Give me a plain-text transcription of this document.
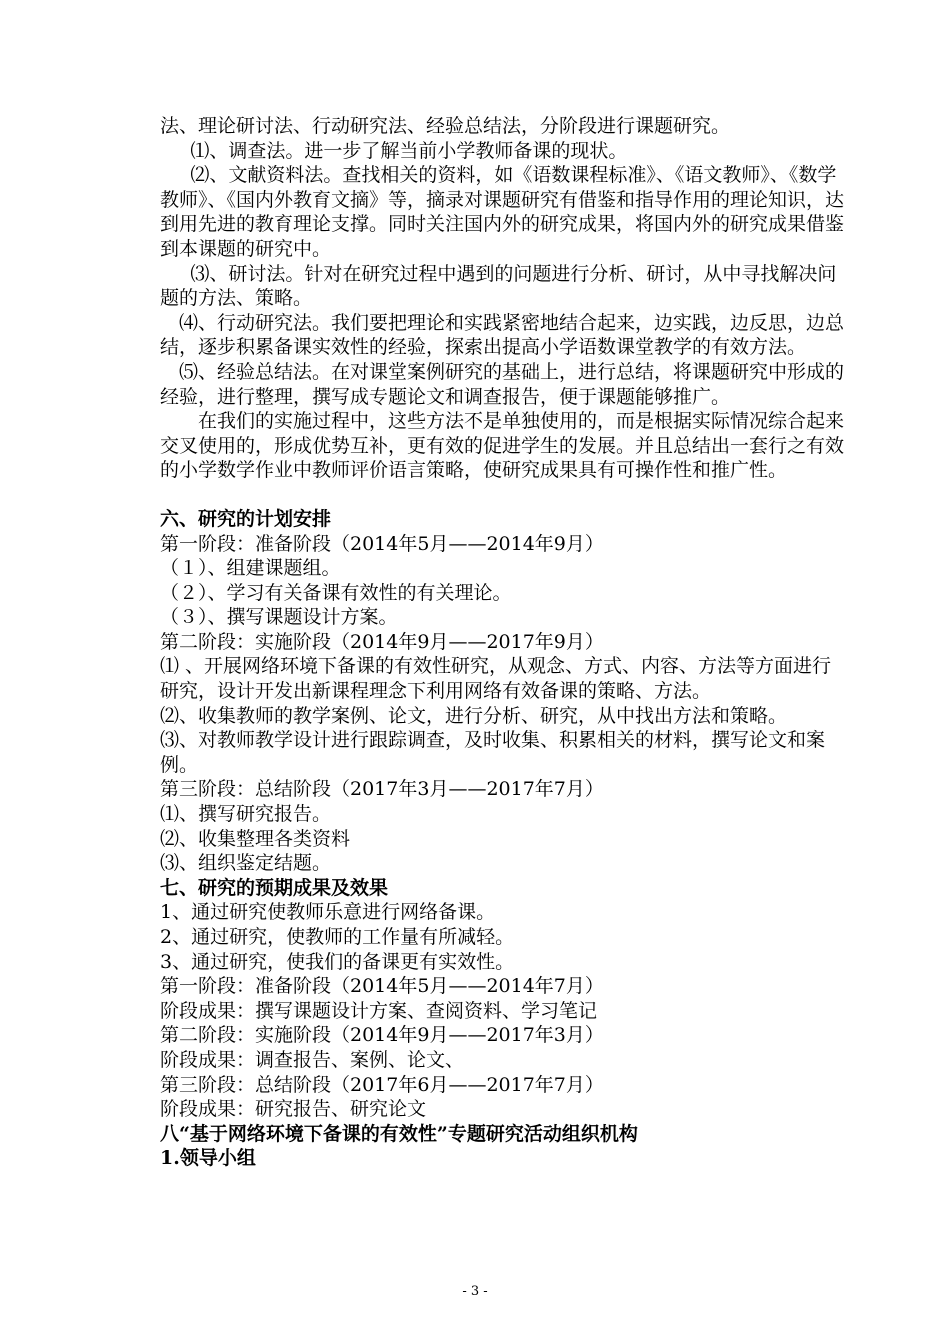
法、理论研讨法、行动研究法、经验总结法，分阶段进行课题研究。

⑴、调查法。进一步了解当前小学教师备课的现状。

⑵、文献资料法。查找相关的资料，如《语数课程标准》、《语文教师》、《数学教师》、《国内外教育文摘》等，摘录对课题研究有借鉴和指导作用的理论知识，达到用先进的教育理论支撑。同时关注国内外的研究成果，将国内外的研究成果借鉴到本课题的研究中。

⑶、研讨法。针对在研究过程中遇到的问题进行分析、研讨，从中寻找解决问题的方法、策略。

⑷、行动研究法。我们要把理论和实践紧密地结合起来，边实践，边反思，边总结，逐步积累备课实效性的经验，探索出提高小学语数课堂教学的有效方法。

⑸、经验总结法。在对课堂案例研究的基础上，进行总结，将课题研究中形成的经验，进行整理，撰写成专题论文和调查报告，便于课题能够推广。

在我们的实施过程中，这些方法不是单独使用的，而是根据实际情况综合起来交叉使用的，形成优势互补，更有效的促进学生的发展。并且总结出一套行之有效的小学数学作业中教师评价语言策略，使研究成果具有可操作性和推广性。

六、研究的计划安排

第一阶段：准备阶段（2014年5月——2014年9月）

（１）、组建课题组。

（２）、学习有关备课有效性的有关理论。

（３）、撰写课题设计方案。

第二阶段：实施阶段（2014年9月——2017年9月）

⑴ 、开展网络环境下备课的有效性研究，从观念、方式、内容、方法等方面进行研究，设计开发出新课程理念下利用网络有效备课的策略、方法。

⑵、收集教师的教学案例、论文，进行分析、研究，从中找出方法和策略。

⑶、对教师教学设计进行跟踪调查，及时收集、积累相关的材料，撰写论文和案例。

第三阶段：总结阶段（2017年3月——2017年7月）

⑴、撰写研究报告。

⑵、收集整理各类资料

⑶、组织鉴定结题。

七、研究的预期成果及效果

1、通过研究使教师乐意进行网络备课。

2、通过研究，使教师的工作量有所减轻。

3、通过研究，使我们的备课更有实效性。

第一阶段：准备阶段（2014年5月——2014年7月）

阶段成果：撰写课题设计方案、查阅资料、学习笔记

第二阶段：实施阶段（2014年9月——2017年3月）

阶段成果：调查报告、案例、论文、

第三阶段：总结阶段（2017年6月——2017年7月）

阶段成果：研究报告、研究论文

八“基于网络环境下备课的有效性”专题研究活动组织机构

1.领导小组

- 3 -
